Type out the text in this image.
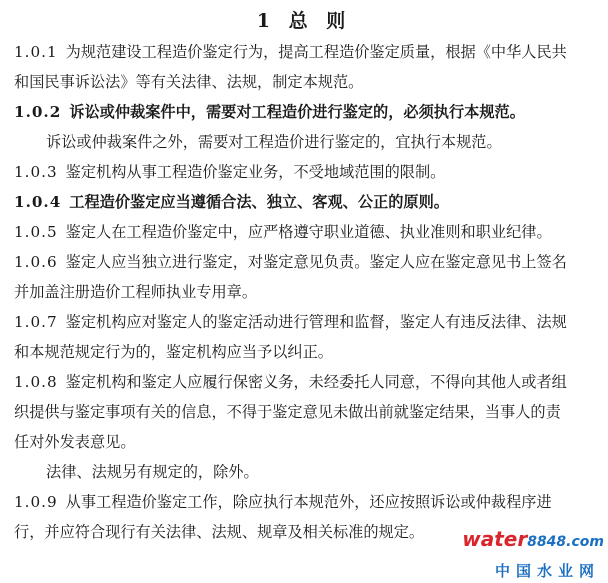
1 总 则
1.0.1 为规范建设工程造价鉴定行为，提高工程造价鉴定质量，根据《中华人民共
和国民事诉讼法》等有关法律、法规，制定本规范。
1.0.2 诉讼或仲裁案件中，需要对工程造价进行鉴定的，必须执行本规范。
诉讼或仲裁案件之外，需要对工程造价进行鉴定的，宜执行本规范。
1.0.3 鉴定机构从事工程造价鉴定业务，不受地域范围的限制。
1.0.4 工程造价鉴定应当遵循合法、独立、客观、公正的原则。
1.0.5 鉴定人在工程造价鉴定中，应严格遵守职业道德、执业准则和职业纪律。
1.0.6 鉴定人应当独立进行鉴定，对鉴定意见负责。鉴定人应在鉴定意见书上签名
并加盖注册造价工程师执业专用章。
1.0.7 鉴定机构应对鉴定人的鉴定活动进行管理和监督，鉴定人有违反法律、法规
和本规范规定行为的，鉴定机构应当予以纠正。
1.0.8 鉴定机构和鉴定人应履行保密义务，未经委托人同意，不得向其他人或者组
织提供与鉴定事项有关的信息，不得于鉴定意见未做出前就鉴定结果，当事人的责
任对外发表意见。
法律、法规另有规定的，除外。
1.0.9 从事工程造价鉴定工作，除应执行本规范外，还应按照诉讼或仲裁程序进
行，并应符合现行有关法律、法规、规章及相关标准的规定。 water8848.com
中国水业网
